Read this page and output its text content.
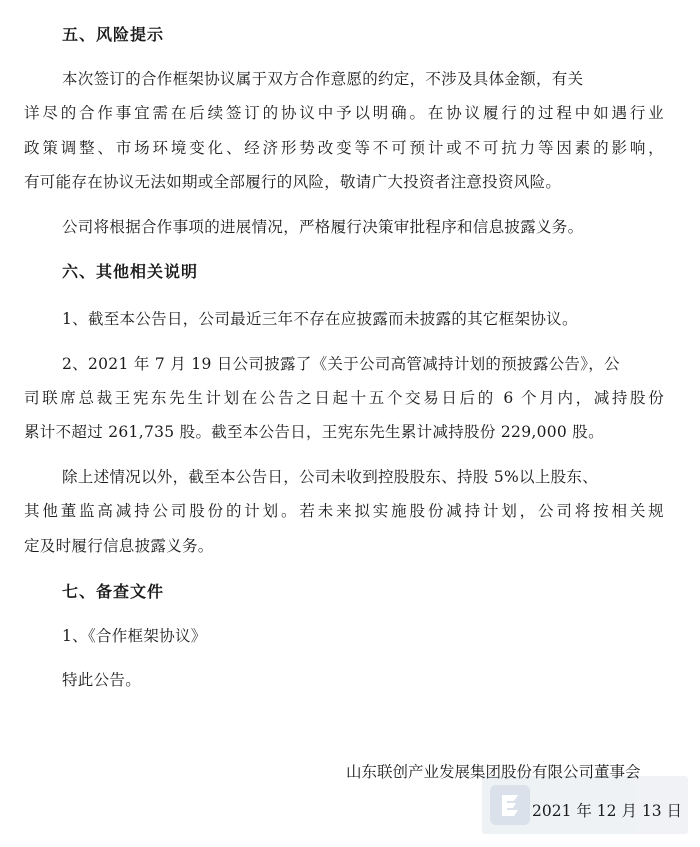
五、风险提示
本次签订的合作框架协议属于双方合作意愿的约定，不涉及具体金额，有关
详尽的合作事宜需在后续签订的协议中予以明确。在协议履行的过程中如遇行业
政策调整、市场环境变化、经济形势改变等不可预计或不可抗力等因素的影响，
有可能存在协议无法如期或全部履行的风险，敬请广大投资者注意投资风险。
公司将根据合作事项的进展情况，严格履行决策审批程序和信息披露义务。
六、其他相关说明
1、截至本公告日，公司最近三年不存在应披露而未披露的其它框架协议。
2、2021 年 7 月 19 日公司披露了《关于公司高管减持计划的预披露公告》，公
司联席总裁王宪东先生计划在公告之日起十五个交易日后的 6 个月内，减持股份
累计不超过 261,735 股。截至本公告日，王宪东先生累计减持股份 229,000 股。
除上述情况以外，截至本公告日，公司未收到控股股东、持股 5%以上股东、
其他董监高减持公司股份的计划。若未来拟实施股份减持计划，公司将按相关规
定及时履行信息披露义务。
七、备查文件
1、《合作框架协议》
特此公告。
山东联创产业发展集团股份有限公司董事会
2021 年 12 月 13 日
